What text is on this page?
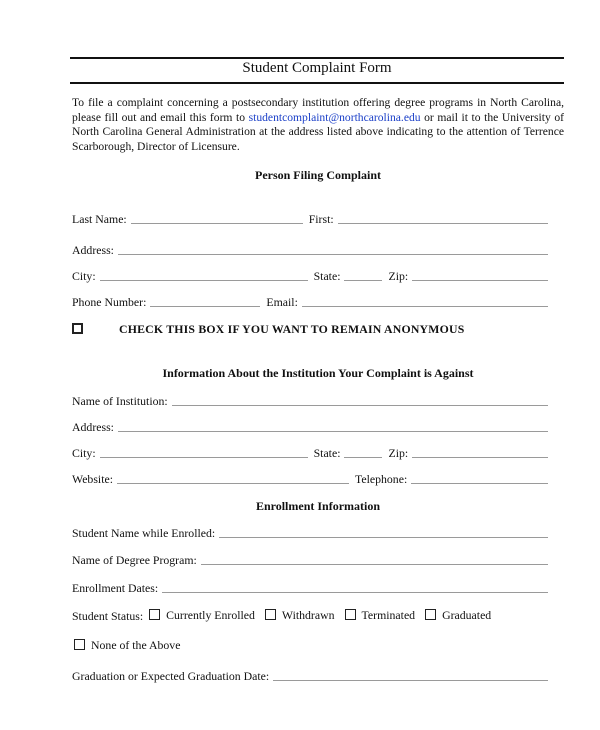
Student Complaint Form
To file a complaint concerning a postsecondary institution offering degree programs in North Carolina, please fill out and email this form to studentcomplaint@northcarolina.edu or mail it to the University of North Carolina General Administration at the address listed above indicating to the attention of Terrence Scarborough, Director of Licensure.
Person Filing Complaint
Last Name:	First:
Address:
City:	State:	Zip:
Phone Number:	Email:
CHECK THIS BOX IF YOU WANT TO REMAIN ANONYMOUS
Information About the Institution Your Complaint is Against
Name of Institution:
Address:
City:	State:	Zip:
Website:	Telephone:
Enrollment Information
Student Name while Enrolled:
Name of Degree Program:
Enrollment Dates:
Student Status:	Currently Enrolled	Withdrawn	Terminated	Graduated
None of the Above
Graduation or Expected Graduation Date:
